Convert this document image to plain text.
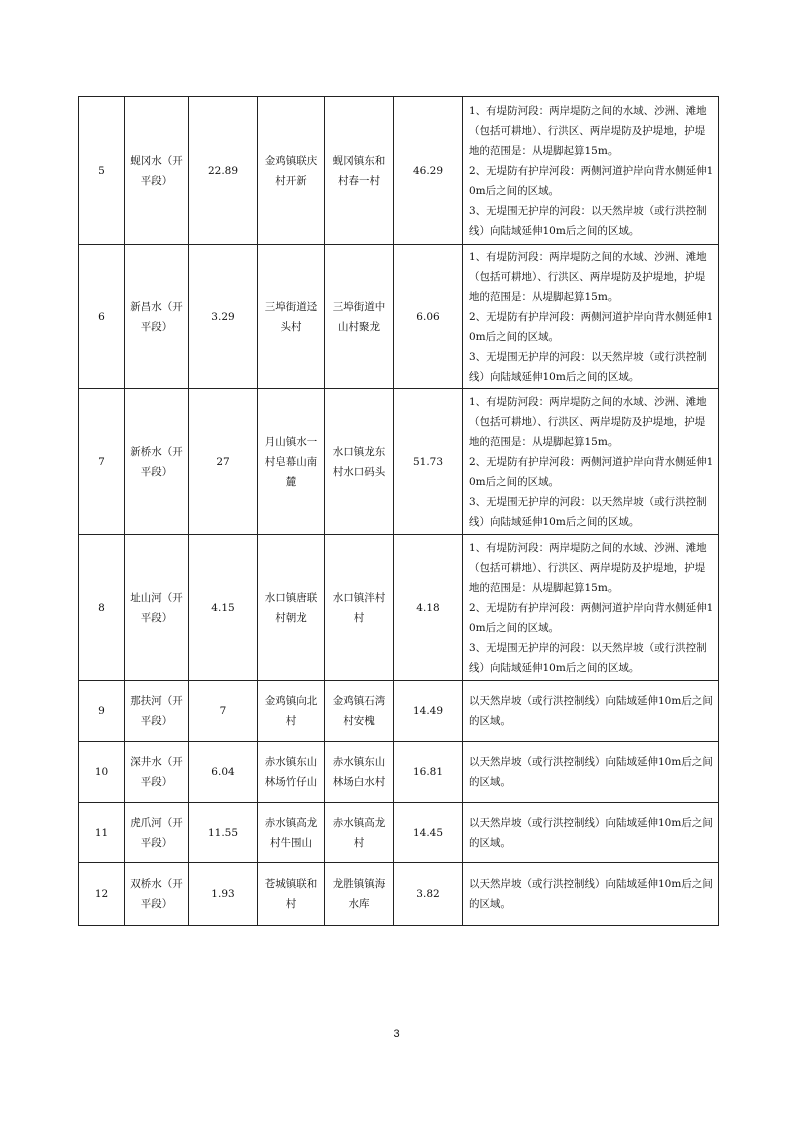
5	蚬冈水（开平段）	22.89	金鸡镇联庆村开新	蚬冈镇东和村春一村	46.29	1、有堤防河段：两岸堤防之间的水域、沙洲、滩地（包括可耕地）、行洪区、两岸堤防及护堤地，护堤地的范围是：从堤脚起算15m。

2、无堤防有护岸河段：两侧河道护岸向背水侧延伸10m后之间的区域。

3、无堤围无护岸的河段：以天然岸坡（或行洪控制线）向陆域延伸10m后之间的区域。

6	新昌水（开平段）	3.29	三埠街道迳头村	三埠街道中山村聚龙	6.06	1、有堤防河段：两岸堤防之间的水域、沙洲、滩地（包括可耕地）、行洪区、两岸堤防及护堤地，护堤地的范围是：从堤脚起算15m。

2、无堤防有护岸河段：两侧河道护岸向背水侧延伸10m后之间的区域。

3、无堤围无护岸的河段：以天然岸坡（或行洪控制线）向陆域延伸10m后之间的区域。

7	新桥水（开平段）	27	月山镇水一村皂幕山南麓	水口镇龙东村水口码头	51.73	1、有堤防河段：两岸堤防之间的水域、沙洲、滩地（包括可耕地）、行洪区、两岸堤防及护堤地，护堤地的范围是：从堤脚起算15m。

2、无堤防有护岸河段：两侧河道护岸向背水侧延伸10m后之间的区域。

3、无堤围无护岸的河段：以天然岸坡（或行洪控制线）向陆域延伸10m后之间的区域。

8	址山河（开平段）	4.15	水口镇唐联村朝龙	水口镇泮村村	4.18	1、有堤防河段：两岸堤防之间的水域、沙洲、滩地（包括可耕地）、行洪区、两岸堤防及护堤地，护堤地的范围是：从堤脚起算15m。

2、无堤防有护岸河段：两侧河道护岸向背水侧延伸10m后之间的区域。

3、无堤围无护岸的河段：以天然岸坡（或行洪控制线）向陆域延伸10m后之间的区域。

9	那扶河（开平段）	7	金鸡镇向北村	金鸡镇石湾村安槐	14.49	以天然岸坡（或行洪控制线）向陆域延伸10m后之间的区域。

10	深井水（开平段）	6.04	赤水镇东山林场竹仔山	赤水镇东山林场白水村	16.81	以天然岸坡（或行洪控制线）向陆域延伸10m后之间的区域。

11	虎爪河（开平段）	11.55	赤水镇高龙村牛围山	赤水镇高龙村	14.45	以天然岸坡（或行洪控制线）向陆域延伸10m后之间的区域。

12	双桥水（开平段）	1.93	苍城镇联和村	龙胜镇镇海水库	3.82	以天然岸坡（或行洪控制线）向陆域延伸10m后之间的区域。

3
